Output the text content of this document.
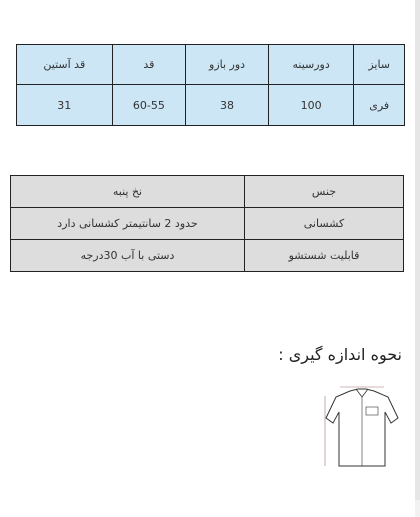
سایز	دورسینه	دور بازو	قد	قد آستین
فری	100	38	60-55	31
جنس	نخ پنبه
کشسانی	حدود 2 سانتیمتر کشسانی دارد
قابلیت شستشو	دستی با آب 30درجه
نحوه اندازه گیری :
